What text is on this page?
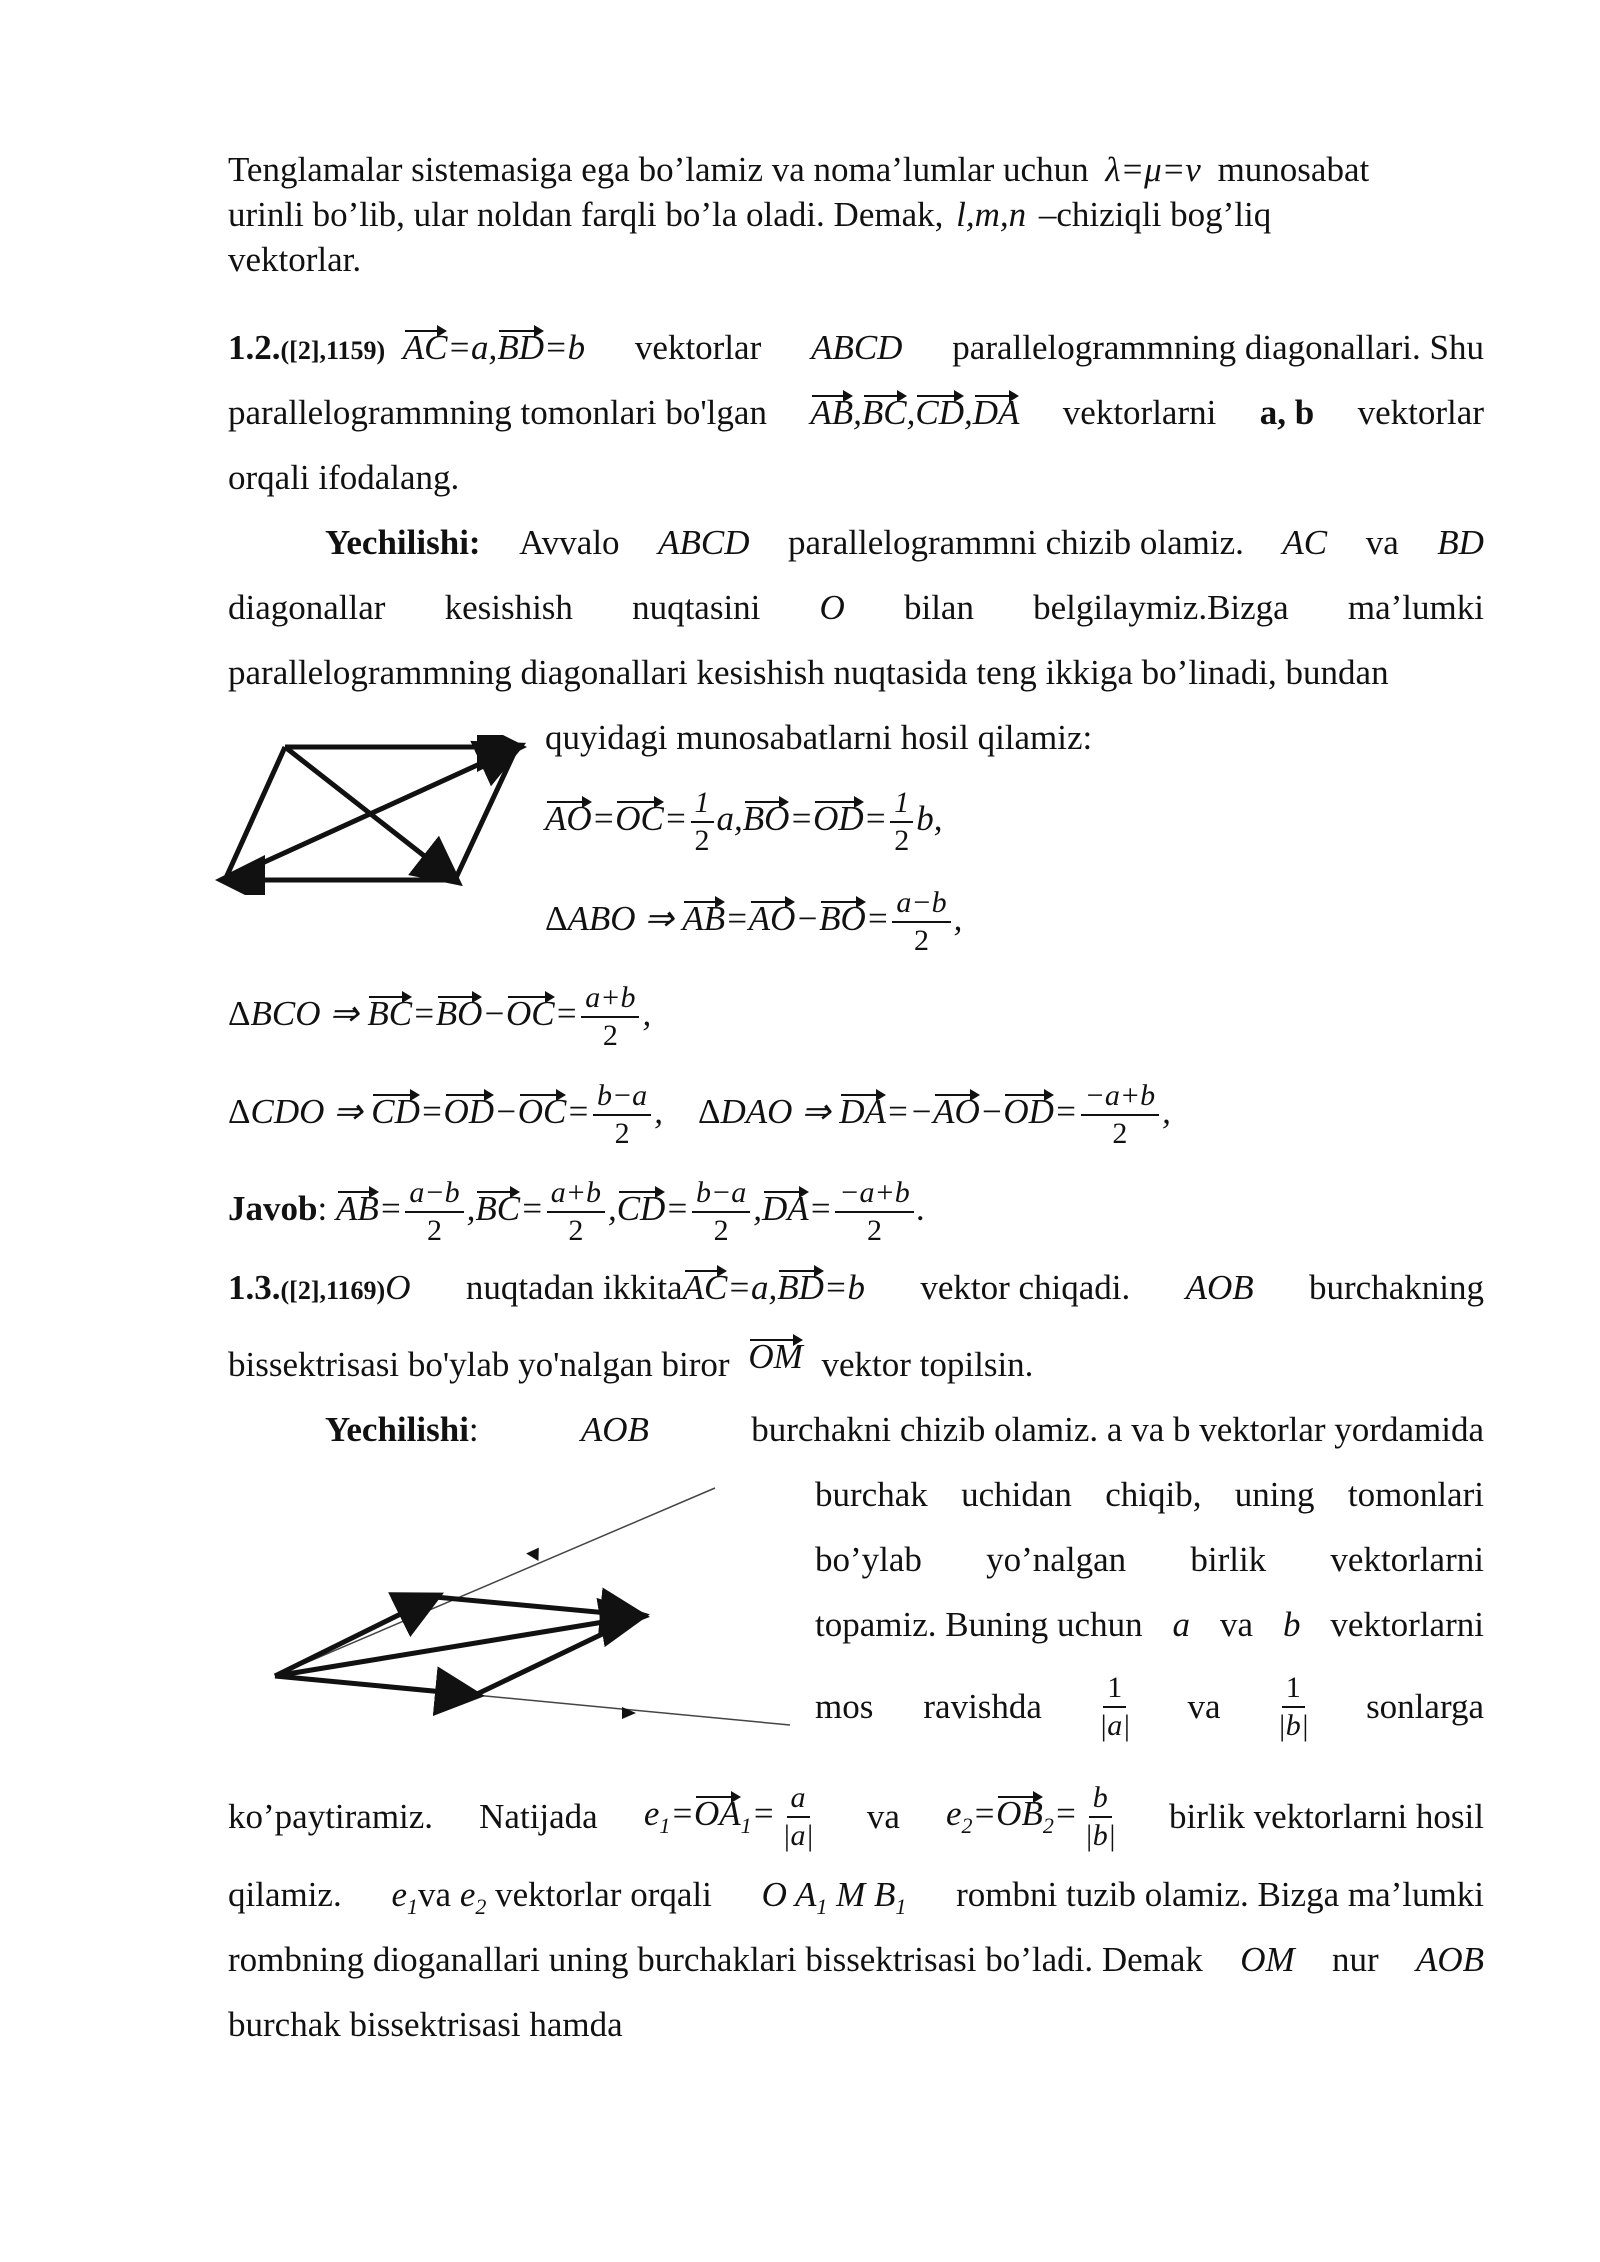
Tenglamalar sistemasiga ega bo’lamiz va noma’lumlar uchun λ=μ=ν munosabat
urinli bo’lib, ular noldan farqli bo’la oladi. Demak, l,m,n –chiziqli bog’liq
vektorlar.
1.2.([2],1159) AC=a,BD=b vektorlar ABCD parallelogrammning diagonallari. Shu
parallelogrammning tomonlari bo'lgan AB,BC,CD,DA vektorlarni a, b vektorlar
orqali ifodalang.
Yechilishi: Avvalo ABCD parallelogrammni chizib olamiz. AC va BD
diagonallar kesishish nuqtasini O bilan belgilaymiz.Bizga ma’lumki
parallelogrammning diagonallari kesishish nuqtasida teng ikkiga bo’linadi, bundan
quyidagi munosabatlarni hosil qilamiz:
$AO=OC= \frac{1}{2} a,BO=OD= \frac{1}{2} b$,
ΔABO ⇒ $AB=AO-BO= \frac{a-b}{2}$ ,
ΔBCO ⇒ $BC=BO-OC= \frac{a+b}{2}$ ,
ΔCDO ⇒ $CD=OD-OC= \frac{b-a}{2}$ ,    ΔDAO ⇒ $DA=-AO-OD= \frac{-a+b}{2}$ ,
Javob: $AB= \frac{a-b}{2} ,BC= \frac{a+b}{2} ,CD= \frac{b-a}{2} ,DA= \frac{-a+b}{2}$ .
1.3.([2],1169)O nuqtadan ikkitaAC=a,BD=b vektor chiqadi. AOB burchakning
bissektrisasi bo'ylab yo'nalgan biror OM vektor topilsin.
Yechilishi:	AOB	burchakni chizib olamiz. a va b vektorlar yordamida
burchak uchidan chiqib, uning tomonlari
bo’ylab yo’nalgan birlik vektorlarni
topamiz. Buning uchun a va b vektorlarni
mos ravishda $\frac{1}{|a|}$ va $\frac{1}{|b|}$ sonlarga
ko’paytiramiz. Natijada $e_1=OA_1= \frac{a}{|a|}$ va $e_2=OB_2= \frac{b}{|b|}$ birlik vektorlarni hosil
qilamiz. $e_1va$ $e_2$ vektorlar orqali O $A_1$ M $B_1$ rombni tuzib olamiz. Bizga ma’lumki
rombning dioganallari uning burchaklari bissektrisasi bo’ladi. Demak OM nur AOB
burchak bissektrisasi hamda
